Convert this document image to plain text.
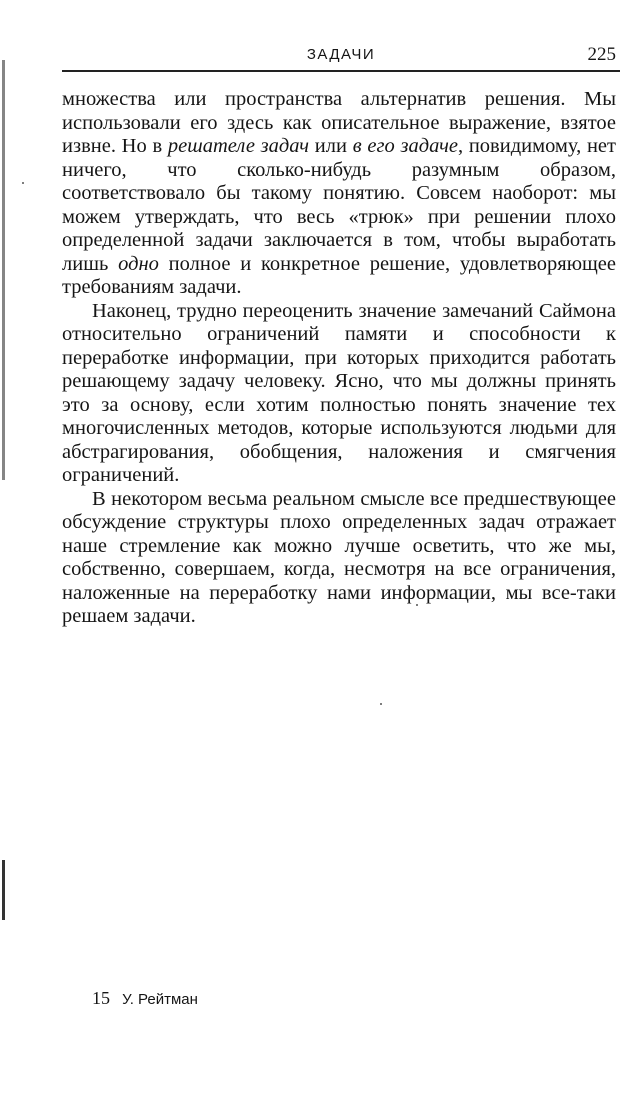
ЗАДАЧИ	225

множества или пространства альтернатив решения. Мы использовали его здесь как описательное выражение, взятое извне. Но в решателе задач или в его задаче, повидимому, нет ничего, что сколько-нибудь разумным образом, соответствовало бы такому понятию. Совсем наоборот: мы можем утверждать, что весь «трюк» при решении плохо определенной задачи заключается в том, чтобы выработать лишь одно полное и конкретное решение, удовлетворяющее требованиям задачи.

Наконец, трудно переоценить значение замечаний Саймона относительно ограничений памяти и способности к переработке информации, при которых приходится работать решающему задачу человеку. Ясно, что мы должны принять это за основу, если хотим полностью понять значение тех многочисленных методов, которые используются людьми для абстрагирования, обобщения, наложения и смягчения ограничений.

В некотором весьма реальном смысле все предшествующее обсуждение структуры плохо определенных задач отражает наше стремление как можно лучше осветить, что же мы, собственно, совершаем, когда, несмотря на все ограничения, наложенные на переработку нами информации, мы все-таки решаем задачи.

15 У. Рейтман
